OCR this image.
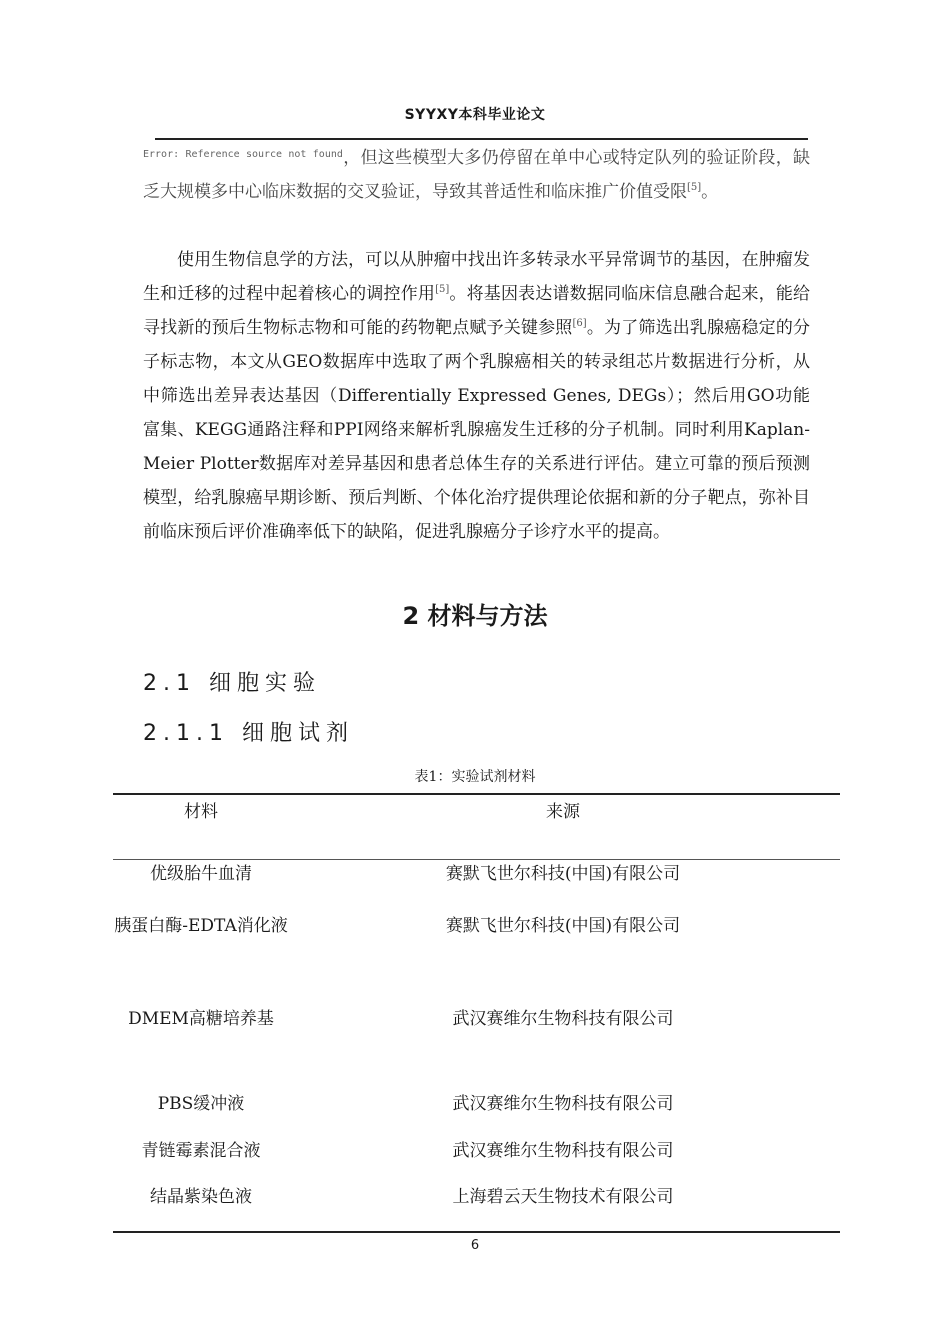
SYYXY本科毕业论文
$^{Error: Reference source not found}$，但这些模型大多仍停留在单中心或特定队列的验证阶段，缺乏大规模多中心临床数据的交叉验证，导致其普适性和临床推广价值受限[5]。
使用生物信息学的方法，可以从肿瘤中找出许多转录水平异常调节的基因，在肿瘤发生和迁移的过程中起着核心的调控作用[5]。将基因表达谱数据同临床信息融合起来，能给寻找新的预后生物标志物和可能的药物靶点赋予关键参照[6]。为了筛选出乳腺癌稳定的分子标志物，本文从GEO数据库中选取了两个乳腺癌相关的转录组芯片数据进行分析，从中筛选出差异表达基因（Differentially Expressed Genes, DEGs）；然后用GO功能富集、KEGG通路注释和PPI网络来解析乳腺癌发生迁移的分子机制。同时利用Kaplan-Meier Plotter数据库对差异基因和患者总体生存的关系进行评估。建立可靠的预后预测模型，给乳腺癌早期诊断、预后判断、个体化治疗提供理论依据和新的分子靶点，弥补目前临床预后评价准确率低下的缺陷，促进乳腺癌分子诊疗水平的提高。
2 材料与方法
2.1 细胞实验
2.1.1 细胞试剂
表1：实验试剂材料
材料	来源
优级胎牛血清	赛默飞世尔科技(中国)有限公司
胰蛋白酶-EDTA消化液	赛默飞世尔科技(中国)有限公司
DMEM高糖培养基	武汉赛维尔生物科技有限公司
PBS缓冲液	武汉赛维尔生物科技有限公司
青链霉素混合液	武汉赛维尔生物科技有限公司
结晶紫染色液	上海碧云天生物技术有限公司
6
